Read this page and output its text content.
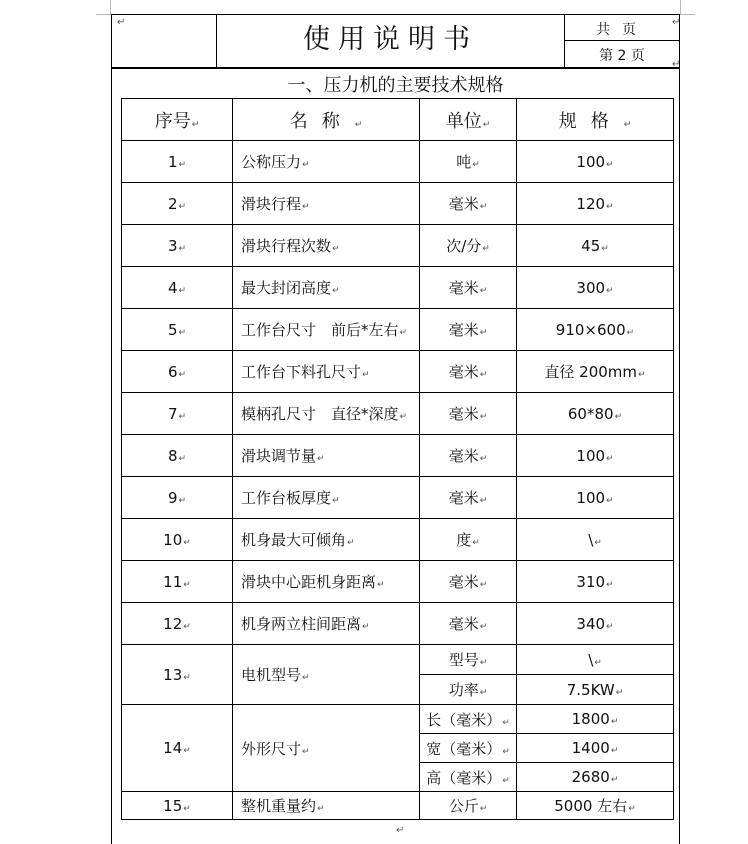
使用说明书	共页
第 2 页
一、压力机的主要技术规格
↵	↵
↵
↵
序号↵	名称↵	单位↵	规格↵
1↵	公称压力↵	吨↵	100↵
2↵	滑块行程↵	毫米↵	120↵
3↵	滑块行程次数↵	次/分↵	45↵
4↵	最大封闭高度↵	毫米↵	300↵
5↵	工作台尺寸　前后*左右↵	毫米↵	910×600↵
6↵	工作台下料孔尺寸↵	毫米↵	直径 200mm↵
7↵	模柄孔尺寸　直径*深度↵	毫米↵	60*80↵
8↵	滑块调节量↵	毫米↵	100↵
9↵	工作台板厚度↵	毫米↵	100↵
10↵	机身最大可倾角↵	度↵	\↵
11↵	滑块中心距机身距离↵	毫米↵	310↵
12↵	机身两立柱间距离↵	毫米↵	340↵
13↵	电机型号↵	型号↵	\↵
		功率↵	7.5KW↵
14↵	外形尺寸↵	长（毫米）↵	1800↵
		宽（毫米）↵	1400↵
		高（毫米）↵	2680↵
15↵	整机重量约↵	公斤↵	5000 左右↵
